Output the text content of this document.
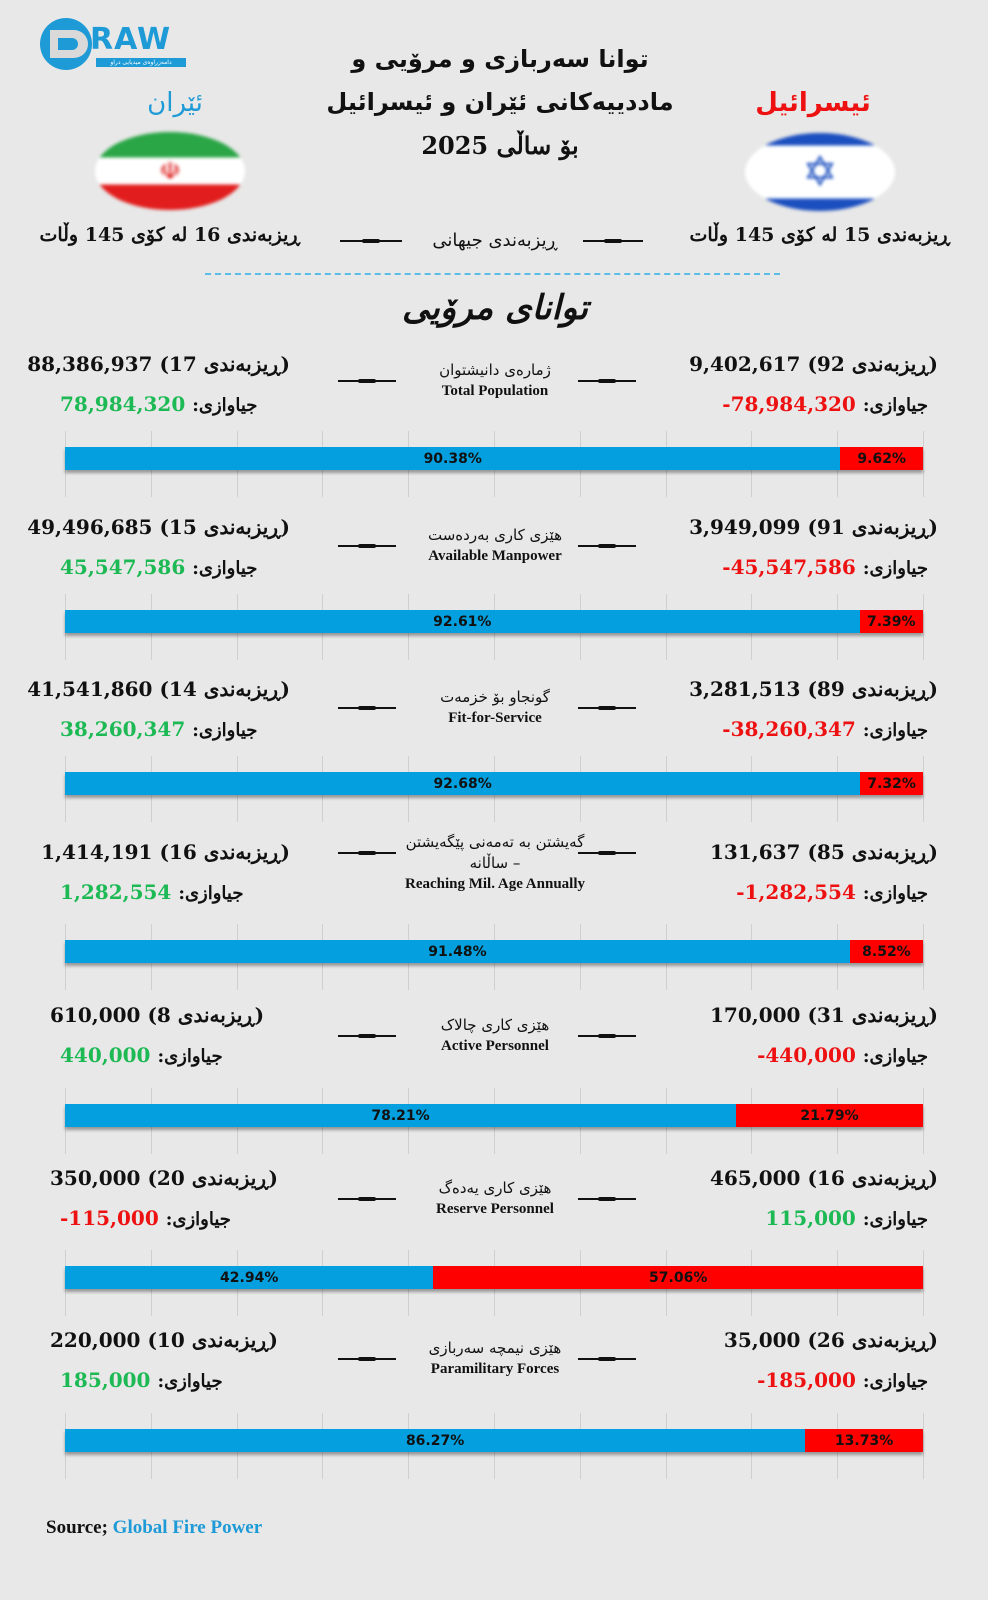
RAW
دامەزراوەی میدیایی دراو	توانا سەربازی و مرۆیی و
ماددییەکانی ئێران و ئیسرائیل
بۆ ساڵی 2025
ئێران	ئیسرائیل
☫	✡
ڕیزبەندی 16 لە کۆی 145 وڵات	ڕیزبەندی 15 لە کۆی 145 وڵات
ڕیزبەندی جیهانی
توانای مرۆیی
(ڕیزبەندی 17) 88,386,937	(ڕیزبەندی 92) 9,402,617
جیاوازی: 78,984,320	جیاوازی: -78,984,320
ژمارەی دانیشتوان
Total Population
90.38%	9.62%
(ڕیزبەندی 15) 49,496,685	(ڕیزبەندی 91) 3,949,099
جیاوازی: 45,547,586	جیاوازی: -45,547,586
هێزی کاری بەردەست
Available Manpower
92.61%	7.39%
(ڕیزبەندی 14) 41,541,860	(ڕیزبەندی 89) 3,281,513
جیاوازی: 38,260,347	جیاوازی: -38,260,347
گونجاو بۆ خزمەت
Fit-for-Service
92.68%	7.32%
(ڕیزبەندی 16) 1,414,191	(ڕیزبەندی 85) 131,637
جیاوازی: 1,282,554	جیاوازی: -1,282,554
گەیشتن بە تەمەنی پێگەیشتن – ساڵانە
Reaching Mil. Age Annually
91.48%	8.52%
(ڕیزبەندی 8) 610,000	(ڕیزبەندی 31) 170,000
جیاوازی: 440,000	جیاوازی: -440,000
هێزی کاری چالاک
Active Personnel
78.21%	21.79%
(ڕیزبەندی 20) 350,000	(ڕیزبەندی 16) 465,000
جیاوازی: -115,000	جیاوازی: 115,000
هێزی کاری یەدەگ
Reserve Personnel
42.94%	57.06%
(ڕیزبەندی 10) 220,000	(ڕیزبەندی 26) 35,000
جیاوازی: 185,000	جیاوازی: -185,000
هێزی نیمچە سەربازی
Paramilitary Forces
86.27%	13.73%
Source; Global Fire Power
